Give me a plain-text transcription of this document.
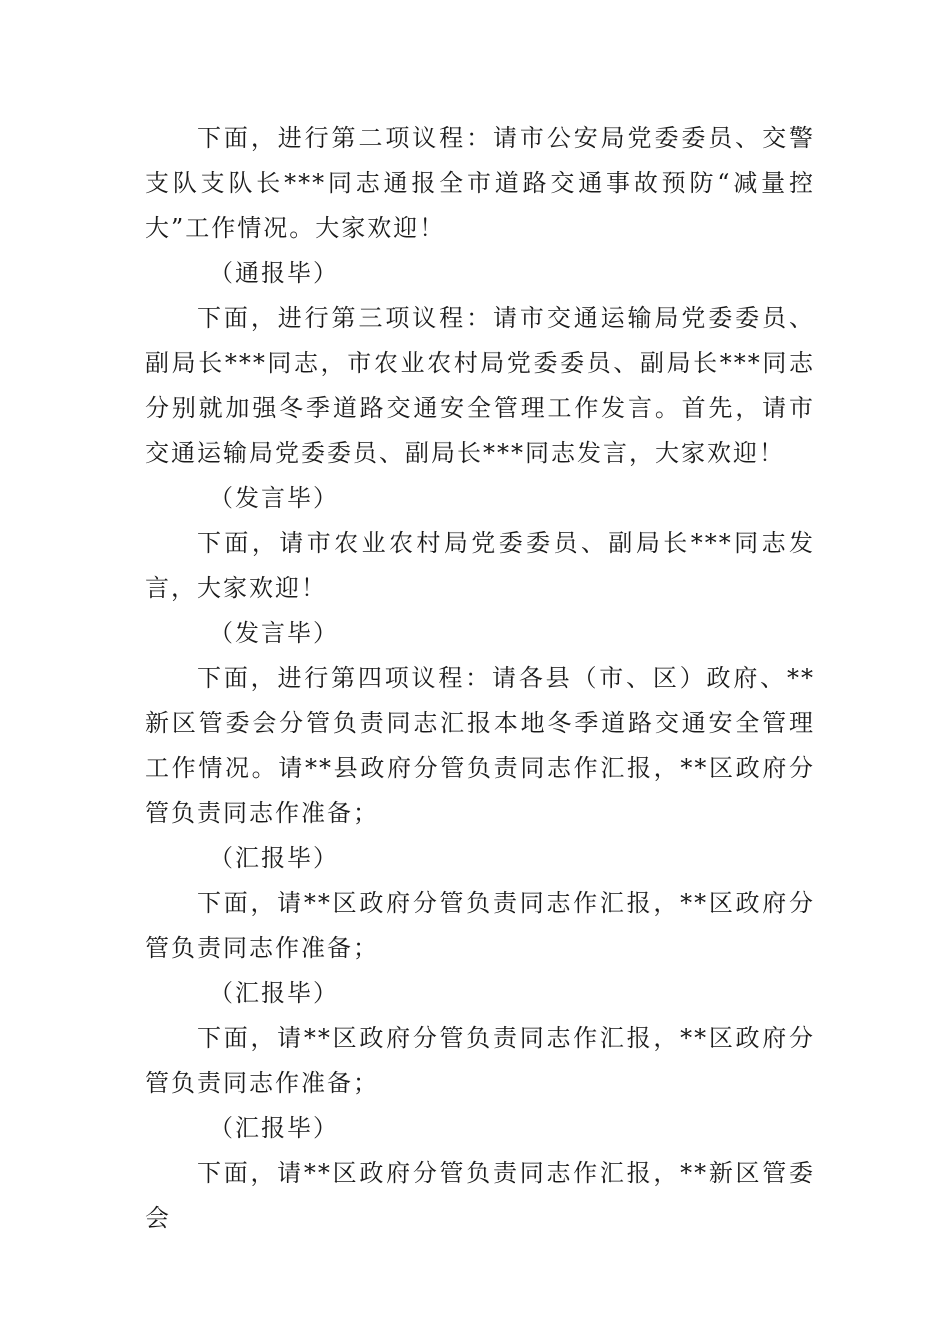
下面，进行第二项议程：请市公安局党委委员、交警支队支队长***同志通报全市道路交通事故预防“减量控大”工作情况。大家欢迎！

（通报毕）

下面，进行第三项议程：请市交通运输局党委委员、副局长***同志，市农业农村局党委委员、副局长***同志分别就加强冬季道路交通安全管理工作发言。首先，请市交通运输局党委委员、副局长***同志发言，大家欢迎！

（发言毕）

下面，请市农业农村局党委委员、副局长***同志发言，大家欢迎！

（发言毕）

下面，进行第四项议程：请各县（市、区）政府、**新区管委会分管负责同志汇报本地冬季道路交通安全管理工作情况。请**县政府分管负责同志作汇报，**区政府分管负责同志作准备；

（汇报毕）

下面，请**区政府分管负责同志作汇报，**区政府分管负责同志作准备；

（汇报毕）

下面，请**区政府分管负责同志作汇报，**区政府分管负责同志作准备；

（汇报毕）

下面，请**区政府分管负责同志作汇报，**新区管委会
